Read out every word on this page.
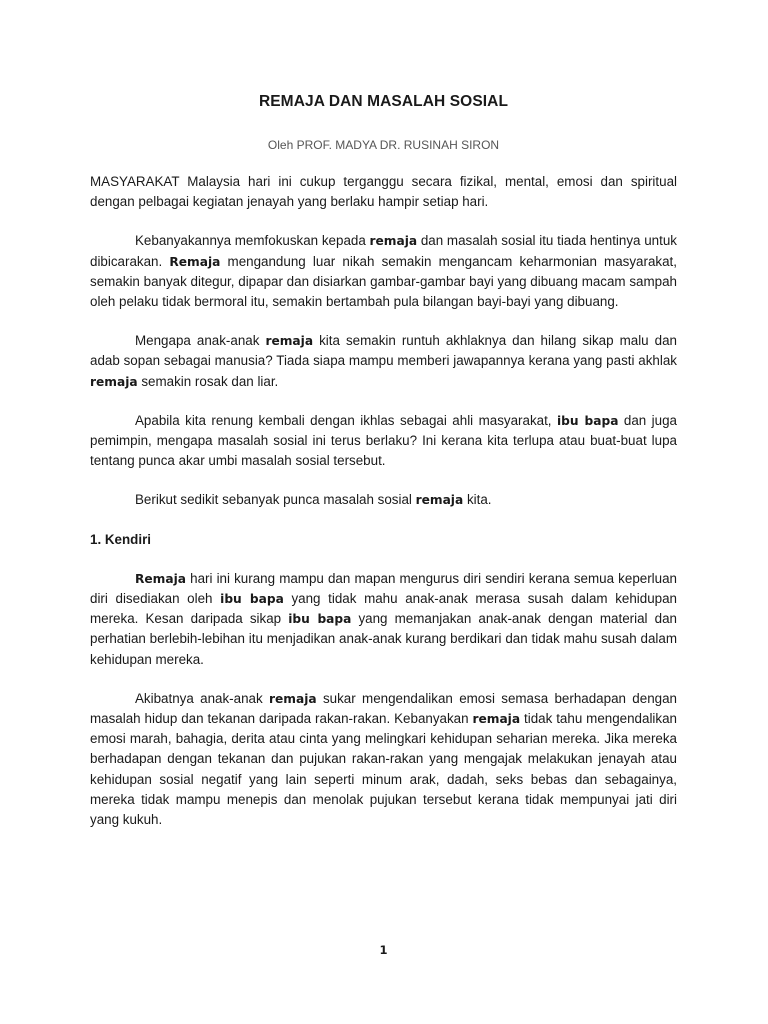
REMAJA DAN MASALAH SOSIAL
Oleh PROF. MADYA DR. RUSINAH SIRON

MASYARAKAT Malaysia hari ini cukup terganggu secara fizikal, mental, emosi dan spiritual dengan pelbagai kegiatan jenayah yang berlaku hampir setiap hari.

Kebanyakannya memfokuskan kepada remaja dan masalah sosial itu tiada hentinya untuk dibicarakan. Remaja mengandung luar nikah semakin mengancam keharmonian masyarakat, semakin banyak ditegur, dipapar dan disiarkan gambar-gambar bayi yang dibuang macam sampah oleh pelaku tidak bermoral itu, semakin bertambah pula bilangan bayi-bayi yang dibuang.

Mengapa anak-anak remaja kita semakin runtuh akhlaknya dan hilang sikap malu dan adab sopan sebagai manusia? Tiada siapa mampu memberi jawapannya kerana yang pasti akhlak remaja semakin rosak dan liar.

Apabila kita renung kembali dengan ikhlas sebagai ahli masyarakat, ibu bapa dan juga pemimpin, mengapa masalah sosial ini terus berlaku? Ini kerana kita terlupa atau buat-buat lupa tentang punca akar umbi masalah sosial tersebut.

Berikut sedikit sebanyak punca masalah sosial remaja kita.

1. Kendiri

Remaja hari ini kurang mampu dan mapan mengurus diri sendiri kerana semua keperluan diri disediakan oleh ibu bapa yang tidak mahu anak-anak merasa susah dalam kehidupan mereka. Kesan daripada sikap ibu bapa yang memanjakan anak-anak dengan material dan perhatian berlebih-lebihan itu menjadikan anak-anak kurang berdikari dan tidak mahu susah dalam kehidupan mereka.

Akibatnya anak-anak remaja sukar mengendalikan emosi semasa berhadapan dengan masalah hidup dan tekanan daripada rakan-rakan. Kebanyakan remaja tidak tahu mengendalikan emosi marah, bahagia, derita atau cinta yang melingkari kehidupan seharian mereka. Jika mereka berhadapan dengan tekanan dan pujukan rakan-rakan yang mengajak melakukan jenayah atau kehidupan sosial negatif yang lain seperti minum arak, dadah, seks bebas dan sebagainya, mereka tidak mampu menepis dan menolak pujukan tersebut kerana tidak mempunyai jati diri yang kukuh.

1
